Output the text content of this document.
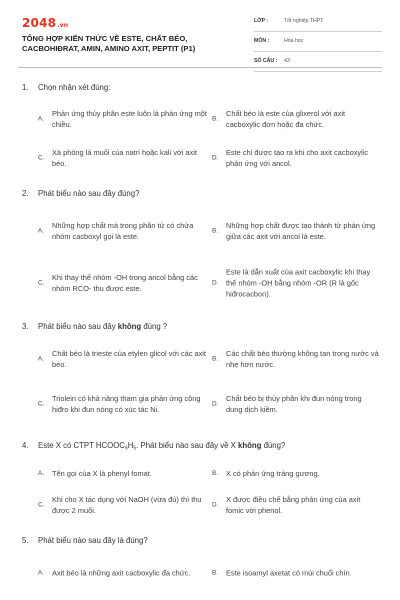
2048.vn
TỔNG HỢP KIẾN THỨC VỀ ESTE, CHẤT BÉO,
CACBOHIĐRAT, AMIN, AMINO AXIT, PEPTIT (P1)
LỚP :	Tốt nghiệp THPT
MÔN :	Hóa học
SỐ CÂU : 43
1. Chọn nhận xét đúng:
A.
Phản ứng thủy phân este luôn là phản ứng một chiều.
B.
Chất béo là este của glixerol với axit cacboxylic đơn hoặc đa chức.
C.
Xà phòng là muối của natri hoặc kali với axit béo.
D.
Este chỉ được tạo ra khi cho axit cacboxylic phản ứng với ancol.
2. Phát biểu nào sau đây đúng?
A.
Những hợp chất mà trong phân tử có chứa nhóm cacboxyl gọi là este.
B.
Những hợp chất được tạo thành từ phản ứng giữa các axit với ancol là este.
C.
Khi thay thế nhóm -OH trong ancol bằng các nhóm RCO- thu được este.
D.
Este là dẫn xuất của axit cacboxylic khi thay thế nhóm -OH bằng nhóm -OR (R là gốc hiđrocacbon).
3. Phát biểu nào sau đây không đúng ?
A.
Chất béo là trieste của etylen glicol với các axit béo.
B.
Các chất béo thường không tan trong nước và nhẹ hơn nước.
C.
Triolein có khả năng tham gia phản ứng cộng hiđro khi đun nóng có xúc tác Ni.
D.
Chất béo bị thủy phân khi đun nóng trong dung dịch kiềm.
4. Este X có CTPT $HCOOC_6H_5$. Phát biểu nào sau đây về X không đúng?
A. Tên gọi của X là phenyl fomat.	B. X có phản ứng tráng gương.
C.
Khi cho X tác dụng với NaOH (vừa đủ) thì thu được 2 muối.
D.
X được điều chế bằng phản ứng của axit fomic với phenol.
5. Phát biểu nào sau đây là đúng?
A. Axit béo là những axit cacboxylic đa chức.	B. Este isoamyl axetat có mùi chuối chín.
